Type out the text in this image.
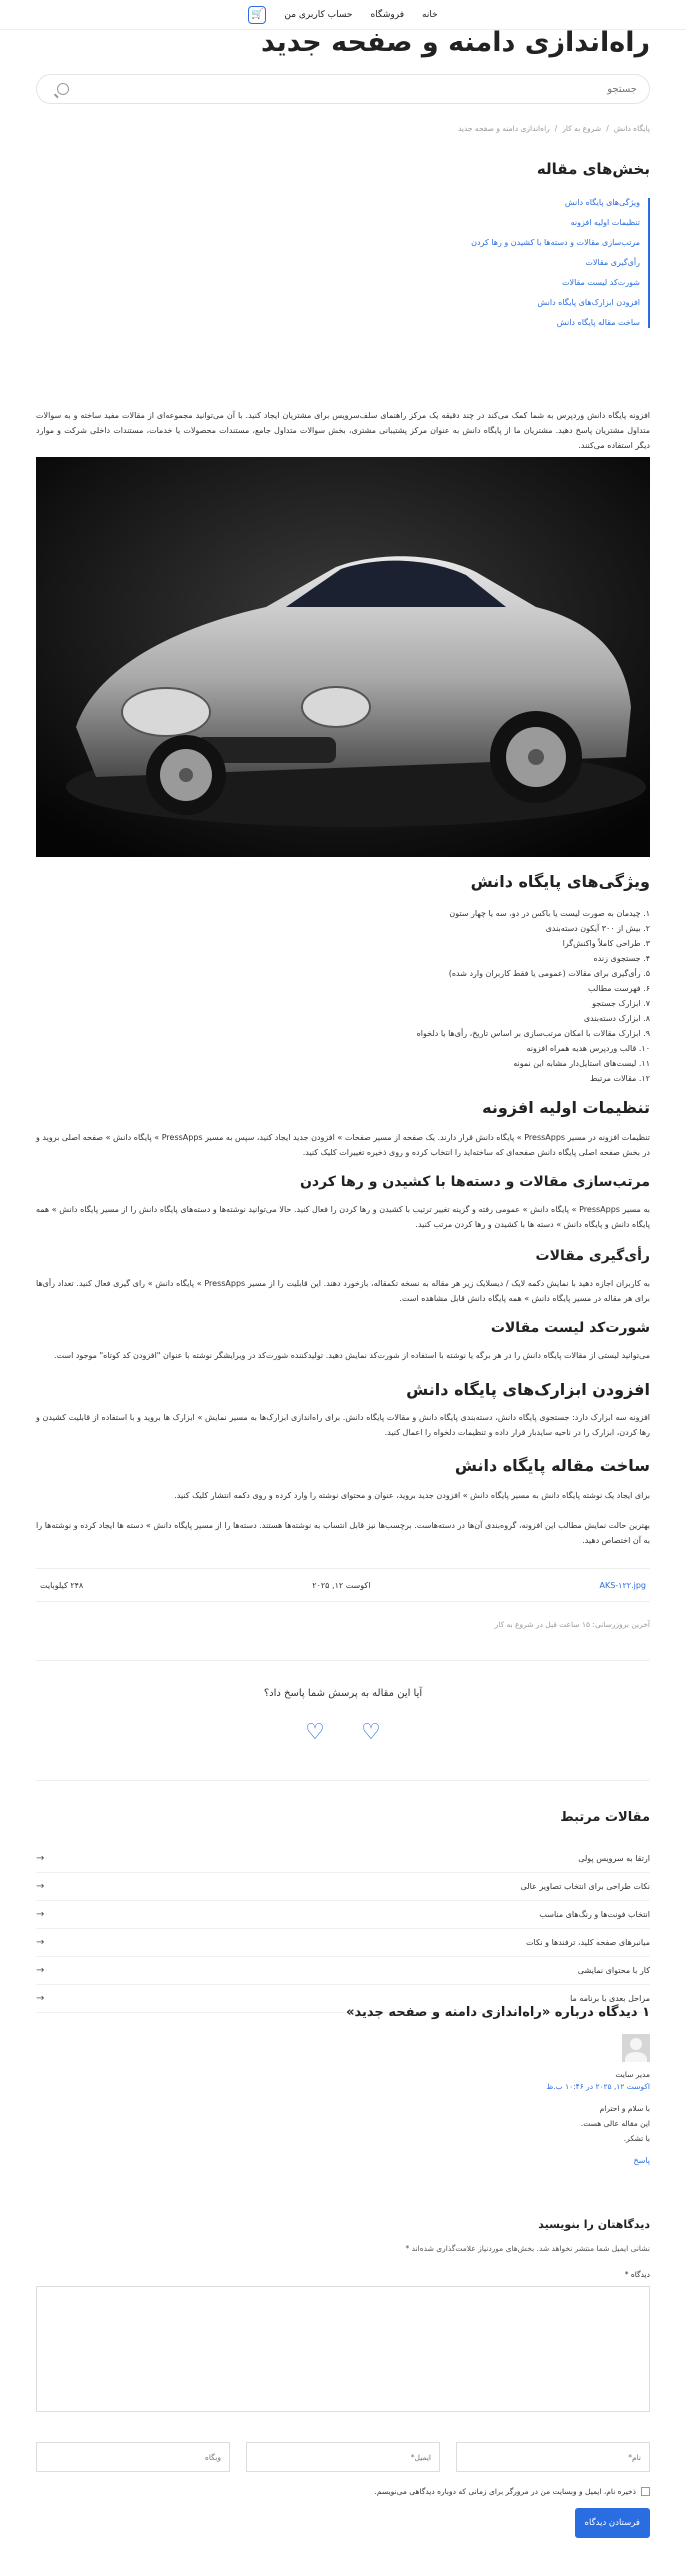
خانه
فروشگاه
حساب کاربری من
🛒
راه‌اندازی دامنه و صفحه جدید
جستجو
پایگاه دانش
/
شروع به کار
/
راه‌اندازی دامنه و صفحه جدید
بخش‌های مقاله
ویژگی‌های پایگاه دانش
تنظیمات اولیه افزونه
مرتب‌سازی مقالات و دسته‌ها با کشیدن و رها کردن
رأی‌گیری مقالات
شورت‌کد لیست مقالات
افزودن ابزارک‌های پایگاه دانش
ساخت مقاله پایگاه دانش

افزونه پایگاه دانش وردپرس به شما کمک می‌کند در چند دقیقه یک مرکز راهنمای سلف‌سرویس برای مشتریان ایجاد کنید. با آن می‌توانید مجموعه‌ای از مقالات مفید ساخته و به سوالات متداول مشتریان پاسخ دهید. مشتریان ما از پایگاه دانش به عنوان مرکز پشتیبانی مشتری، بخش سوالات متداول جامع، مستندات محصولات یا خدمات، مستندات داخلی شرکت و موارد دیگر استفاده می‌کنند.

ویژگی‌های پایگاه دانش
۱. چیدمان به صورت لیست یا باکس در دو، سه یا چهار ستون
۲. بیش از ۳۰۰ آیکون دسته‌بندی
۳. طراحی کاملاً واکنش‌گرا
۴. جستجوی زنده
۵. رأی‌گیری برای مقالات (عمومی یا فقط کاربران وارد شده)
۶. فهرست مطالب
۷. ابزارک جستجو
۸. ابزارک دسته‌بندی
۹. ابزارک مقالات با امکان مرتب‌سازی بر اساس تاریخ، رأی‌ها یا دلخواه
۱۰. قالب وردپرس هدیه همراه افزونه
۱۱. لیست‌های استایل‌دار مشابه این نمونه
۱۲. مقالات مرتبط
تنظیمات اولیه افزونه

تنظیمات افزونه در مسیر PressApps » پایگاه دانش قرار دارند. یک صفحه از مسیر صفحات » افزودن جدید ایجاد کنید، سپس به مسیر PressApps » پایگاه دانش » صفحه اصلی بروید و در بخش صفحه اصلی پایگاه دانش صفحه‌ای که ساخته‌اید را انتخاب کرده و روی ذخیره تغییرات کلیک کنید.

مرتب‌سازی مقالات و دسته‌ها با کشیدن و رها کردن

به مسیر PressApps » پایگاه دانش » عمومی رفته و گزینه تغییر ترتیب با کشیدن و رها کردن را فعال کنید. حالا می‌توانید نوشته‌ها و دسته‌های پایگاه دانش را از مسیر پایگاه دانش » همه پایگاه دانش و پایگاه دانش » دسته ها با کشیدن و رها کردن مرتب کنید.

رأی‌گیری مقالات

به کاربران اجازه دهید با نمایش دکمه لایک / دیسلایک زیر هر مقاله به نسخه‌ تکمقاله، بازخورد دهند. این قابلیت را از مسیر PressApps » پایگاه دانش » رای گیری فعال کنید. تعداد رأی‌ها برای هر مقاله در مسیر پایگاه دانش » همه پایگاه دانش قابل مشاهده است.

شورت‌کد لیست مقالات

می‌توانید لیستی از مقالات پایگاه دانش را در هر برگه یا نوشته با استفاده از شورت‌کد نمایش دهید. تولیدکننده شورت‌کد در ویرایشگر نوشته با عنوان "افزودن کد کوتاه" موجود است.

افزودن ابزارک‌های پایگاه دانش

افزونه سه ابزارک دارد: جستجوی پایگاه دانش، دسته‌بندی پایگاه دانش و مقالات پایگاه دانش. برای راه‌اندازی ابزارک‌ها به مسیر نمایش » ابزارک ها بروید و با استفاده از قابلیت کشیدن و رها کردن، ابزارک را در ناحیه ساید‌بار قرار داده و تنظیمات دلخواه را اعمال کنید.

ساخت مقاله پایگاه دانش

برای ایجاد یک نوشته پایگاه دانش به مسیر پایگاه دانش » افزودن جدید بروید، عنوان و محتوای نوشته را وارد کرده و روی دکمه انتشار کلیک کنید.

بهترین حالت نمایش مطالب این افزونه، گروه‌بندی آن‌ها در دسته‌هاست. برچسب‌ها نیز قابل انتساب به نوشته‌ها هستند. دسته‌ها را از مسیر پایگاه دانش » دسته ها ایجاد کرده و نوشته‌ها را به آن اختصاص دهید.

AKS-۱۲۲.jpg
اکوست ۱۲, ۲۰۲۵
۲۴۸ کیلوبایت
آخرین بروزرسانی: ۱۵ ساعت قبل در شروع به کار
آیا این مقاله به پرسش شما پاسخ داد؟
♡
♡
مقالات مرتبط
ارتقا به سرویس پولی
→
نکات طراحی برای انتخاب تصاویر عالی
→
انتخاب فونت‌ها و رنگ‌های مناسب
→
میانبرهای صفحه کلید، ترفند‌ها و نکات
→
کار با محتوای نمایشی
→
مراحل بعدی با برنامه ما
→
۱ دیدگاه درباره «راه‌اندازی دامنه و صفحه جدید»
مدیر سایت
اکوست ۱۲, ۲۰۲۵ در ۱۰:۴۶ ب.ظ
با سلام و احترام
این مقاله عالی هست.
با تشکر.
پاسخ
دیدگاهتان را بنویسید
نشانی ایمیل شما منتشر نخواهد شد. بخش‌های موردنیاز علامت‌گذاری شده‌اند *
دیدگاه *
نام*
ایمیل*
وبگاه
ذخیره نام، ایمیل و وبسایت من در مرورگر برای زمانی که دوباره دیدگاهی می‌نویسم.
فرستادن دیدگاه
